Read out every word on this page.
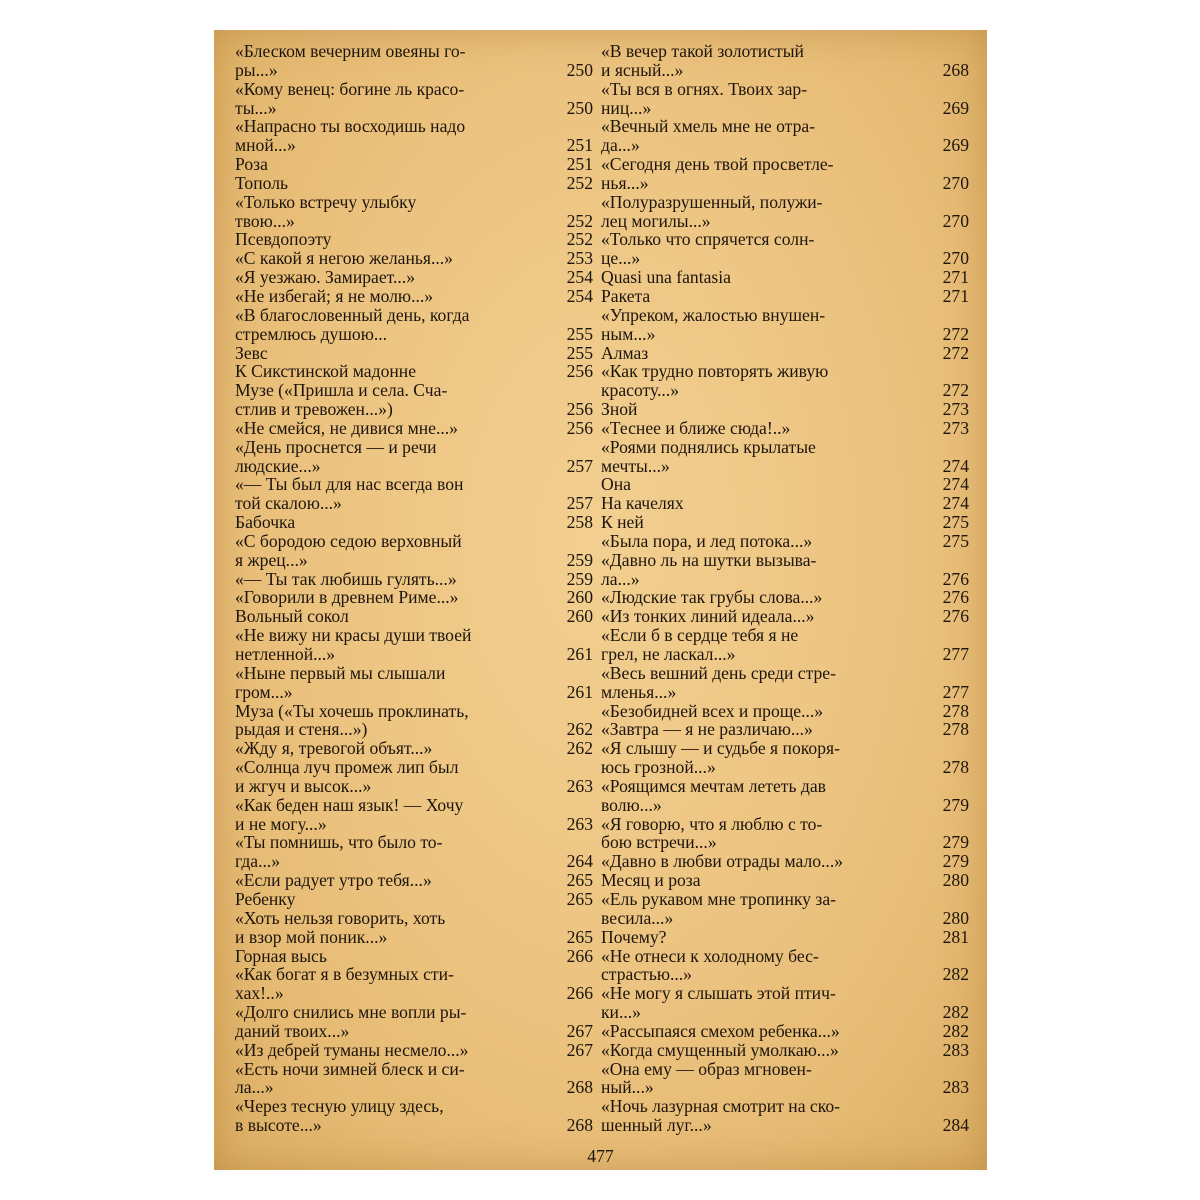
«Блеском вечерним овеяны го-
ры...»	250
«Кому венец: богине ль красо-
ты...»	250
«Напрасно ты восходишь надо
мной...»	251
Роза	251
Тополь	252
«Только встречу улыбку
твою...»	252
Псевдопоэту	252
«С какой я негою желанья...»	253
«Я уезжаю. Замирает...»	254
«Не избегай; я не молю...»	254
«В благословенный день, когда
стремлюсь душою...	255
Зевс	255
К Сикстинской мадонне	256
Музе («Пришла и села. Сча-
стлив и тревожен...»)	256
«Не смейся, не дивися мне...»	256
«День проснется — и речи
людские...»	257
«— Ты был для нас всегда вон
той скалою...»	257
Бабочка	258
«С бородою седою верховный
я жрец...»	259
«— Ты так любишь гулять...»	259
«Говорили в древнем Риме...»	260
Вольный сокол	260
«Не вижу ни красы души твоей
нетленной...»	261
«Ныне первый мы слышали
гром...»	261
Муза («Ты хочешь проклинать,
рыдая и стеня...»)	262
«Жду я, тревогой объят...»	262
«Солнца луч промеж лип был
и жгуч и высок...»	263
«Как беден наш язык! — Хочу
и не могу...»	263
«Ты помнишь, что было то-
гда...»	264
«Если радует утро тебя...»	265
Ребенку	265
«Хоть нельзя говорить, хоть
и взор мой поник...»	265
Горная высь	266
«Как богат я в безумных сти-
хах!..»	266
«Долго снились мне вопли ры-
даний твоих...»	267
«Из дебрей туманы несмело...»	267
«Есть ночи зимней блеск и си-
ла...»	268
«Через тесную улицу здесь,
в высоте...»	268
«В вечер такой золотистый
и ясный...»	268
«Ты вся в огнях. Твоих зар-
ниц...»	269
«Вечный хмель мне не отра-
да...»	269
«Сегодня день твой просветле-
нья...»	270
«Полуразрушенный, полужи-
лец могилы...»	270
«Только что спрячется солн-
це...»	270
Quasi una fantasia	271
Ракета	271
«Упреком, жалостью внушен-
ным...»	272
Алмаз	272
«Как трудно повторять живую
красоту...»	272
Зной	273
«Теснее и ближе сюда!..»	273
«Роями поднялись крылатые
мечты...»	274
Она	274
На качелях	274
К ней	275
«Была пора, и лед потока...»	275
«Давно ль на шутки вызыва-
ла...»	276
«Людские так грубы слова...»	276
«Из тонких линий идеала...»	276
«Если б в сердце тебя я не
грел, не ласкал...»	277
«Весь вешний день среди стре-
мленья...»	277
«Безобидней всех и проще...»	278
«Завтра — я не различаю...»	278
«Я слышу — и судьбе я покоря-
юсь грозной...»	278
«Роящимся мечтам лететь дав
волю...»	279
«Я говорю, что я люблю с то-
бою встречи...»	279
«Давно в любви отрады мало...»	279
Месяц и роза	280
«Ель рукавом мне тропинку за-
весила...»	280
Почему?	281
«Не отнеси к холодному бес-
страстью...»	282
«Не могу я слышать этой птич-
ки...»	282
«Рассыпаяся смехом ребенка...»	282
«Когда смущенный умолкаю...»	283
«Она ему — образ мгновен-
ный...»	283
«Ночь лазурная смотрит на ско-
шенный луг...»	284
477
